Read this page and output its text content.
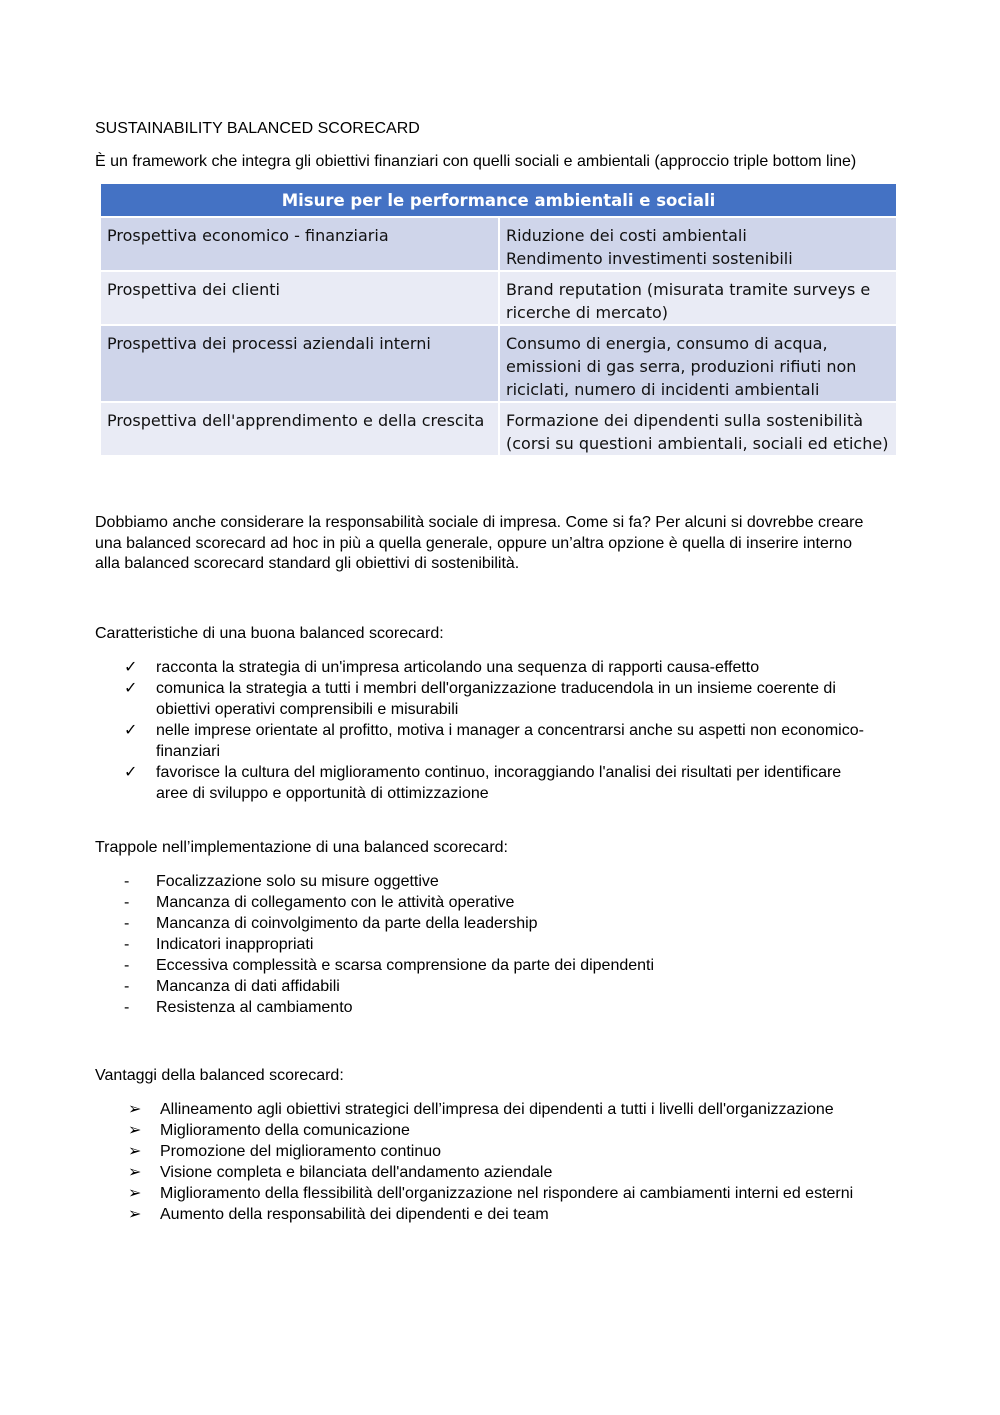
SUSTAINABILITY BALANCED SCORECARD

È un framework che integra gli obiettivi finanziari con quelli sociali e ambientali (approccio triple bottom line)

Misure per le performance ambientali e sociali	
Prospettiva economico - finanziaria	Riduzione dei costi ambientali
Rendimento investimenti sostenibili

Prospettiva dei clienti	Brand reputation (misurata tramite surveys e
ricerche di mercato)

Prospettiva dei processi aziendali interni	Consumo di energia, consumo di acqua,
emissioni di gas serra, produzioni rifiuti non
riciclati, numero di incidenti ambientali

Prospettiva dell'apprendimento e della crescita	Formazione dei dipendenti sulla sostenibilità
(corsi su questioni ambientali, sociali ed etiche)

Dobbiamo anche considerare la responsabilità sociale di impresa. Come si fa? Per alcuni si dovrebbe creare
una balanced scorecard ad hoc in più a quella generale, oppure un’altra opzione è quella di inserire interno
alla balanced scorecard standard gli obiettivi di sostenibilità.

Caratteristiche di una buona balanced scorecard:

✓ racconta la strategia di un'impresa articolando una sequenza di rapporti causa-effetto
✓ comunica la strategia a tutti i membri dell'organizzazione traducendola in un insieme coerente di
obiettivi operativi comprensibili e misurabili
✓ nelle imprese orientate al profitto, motiva i manager a concentrarsi anche su aspetti non economico-
finanziari
✓ favorisce la cultura del miglioramento continuo, incoraggiando l'analisi dei risultati per identificare
aree di sviluppo e opportunità di ottimizzazione

Trappole nell’implementazione di una balanced scorecard:

- Focalizzazione solo su misure oggettive
- Mancanza di collegamento con le attività operative
- Mancanza di coinvolgimento da parte della leadership
- Indicatori inappropriati
- Eccessiva complessità e scarsa comprensione da parte dei dipendenti
- Mancanza di dati affidabili
- Resistenza al cambiamento

Vantaggi della balanced scorecard:

➢ Allineamento agli obiettivi strategici dell’impresa dei dipendenti a tutti i livelli dell'organizzazione
➢ Miglioramento della comunicazione
➢ Promozione del miglioramento continuo
➢ Visione completa e bilanciata dell'andamento aziendale
➢ Miglioramento della flessibilità dell'organizzazione nel rispondere ai cambiamenti interni ed esterni
➢ Aumento della responsabilità dei dipendenti e dei team
